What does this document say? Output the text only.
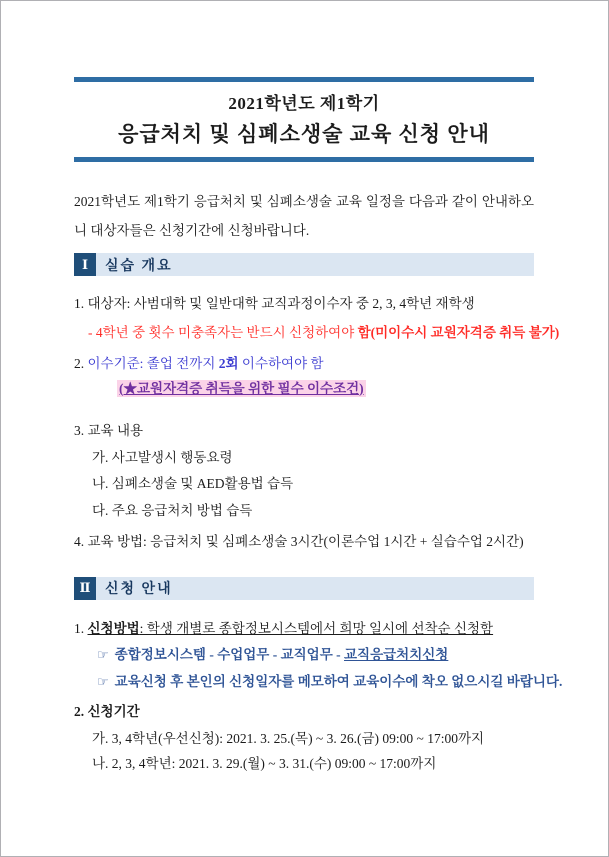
2021학년도 제1학기
응급처치 및 심폐소생술 교육 신청 안내

2021학년도 제1학기 응급처치 및 심폐소생술 교육 일정을 다음과 같이 안내하오니 대상자들은 신청기간에 신청바랍니다.

Ⅰ	실습 개요
1. 대상자: 사범대학 및 일반대학 교직과정이수자 중 2, 3, 4학년 재학생
- 4학년 중 횟수 미충족자는 반드시 신청하여야 함(미이수시 교원자격증 취득 불가)
2. 이수기준: 졸업 전까지 2회 이수하여야 함
(★교원자격증 취득을 위한 필수 이수조건)
3. 교육 내용
가. 사고발생시 행동요령
나. 심폐소생술 및 AED활용법 습득
다. 주요 응급처치 방법 습득
4. 교육 방법: 응급처치 및 심폐소생술 3시간(이론수업 1시간 + 실습수업 2시간)
Ⅱ	신청 안내
1. 신청방법: 학생 개별로 종합정보시스템에서 희망 일시에 선착순 신청함
☞ 종합정보시스템 - 수업업무 - 교직업무 - 교직응급처치신청
☞ 교육신청 후 본인의 신청일자를 메모하여 교육이수에 착오 없으시길 바랍니다.
2. 신청기간
가. 3, 4학년(우선신청): 2021. 3. 25.(목) ~ 3. 26.(금) 09:00 ~ 17:00까지
나. 2, 3, 4학년: 2021. 3. 29.(월) ~ 3. 31.(수) 09:00 ~ 17:00까지
